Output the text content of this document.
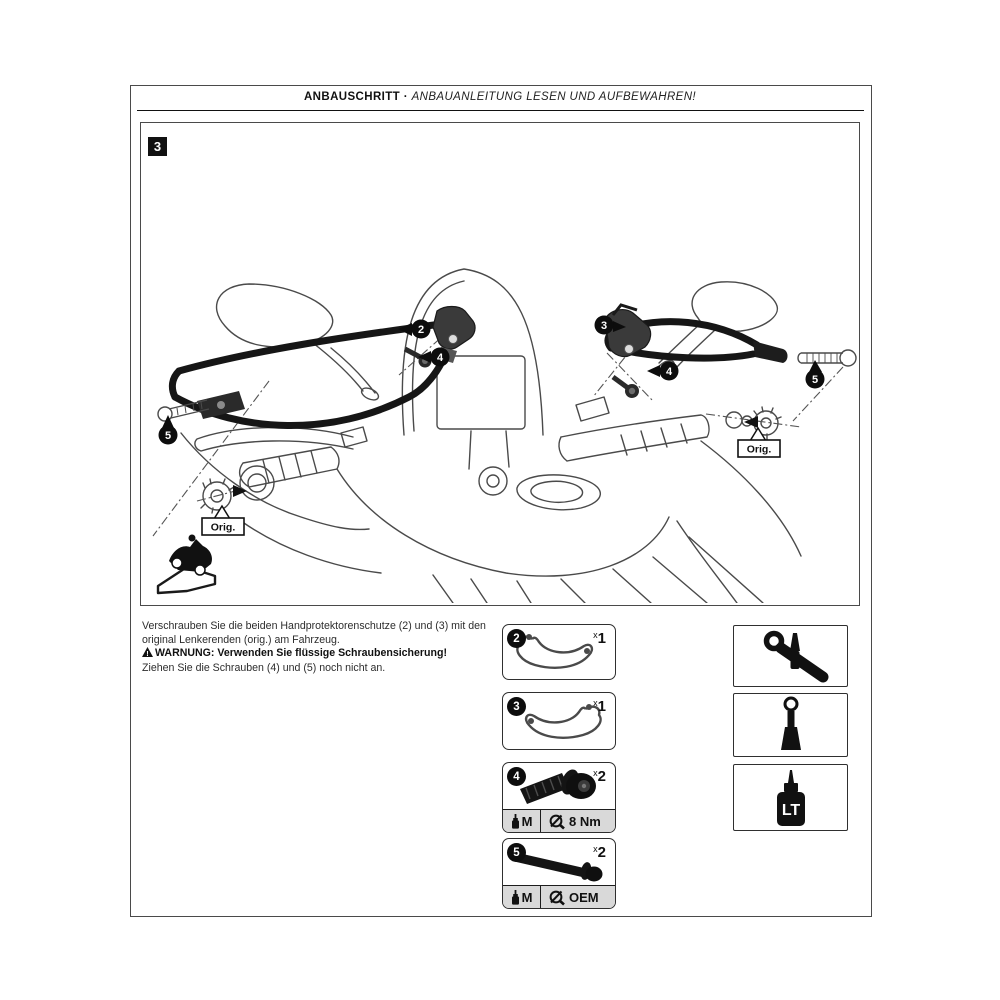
ANBAUSCHRITT · ANBAUANLEITUNG LESEN UND AUFBEWAHREN!
3
2
4
5
3
4
5
Orig.
Orig.
Verschrauben Sie die beiden Handprotektorenschutze (2) und (3) mit den original Lenkerenden (orig.) am Fahrzeug.
! WARNUNG: Verwenden Sie flüssige Schraubensicherung!
Ziehen Sie die Schrauben (4) und (5) noch nicht an.
2	$^x$1
3	$^x$1
4	$^x$2
M	8 Nm
5	$^x$2
M	OEM
LT
